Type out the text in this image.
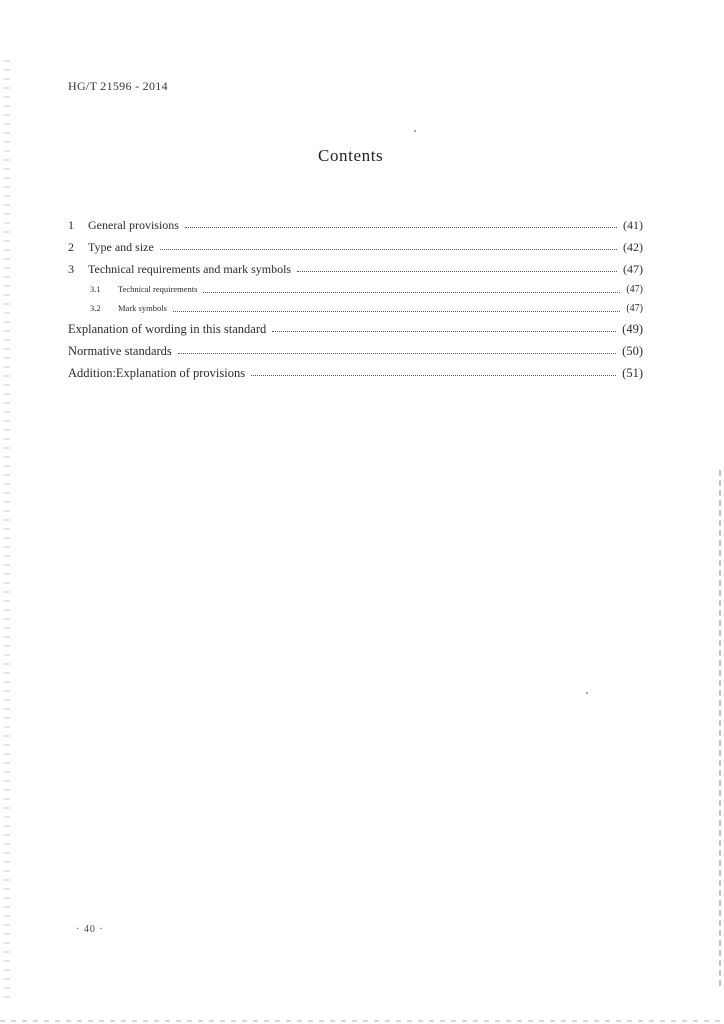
HG/T 21596 - 2014
Contents
1	General provisions	(41)
2	Type and size	(42)
3	Technical requirements and mark symbols	(47)
3.1	Technical requirements	(47)
3.2	Mark symbols	(47)
Explanation of wording in this standard	(49)
Normative standards	(50)
Addition:Explanation of provisions	(51)
· 40 ·
